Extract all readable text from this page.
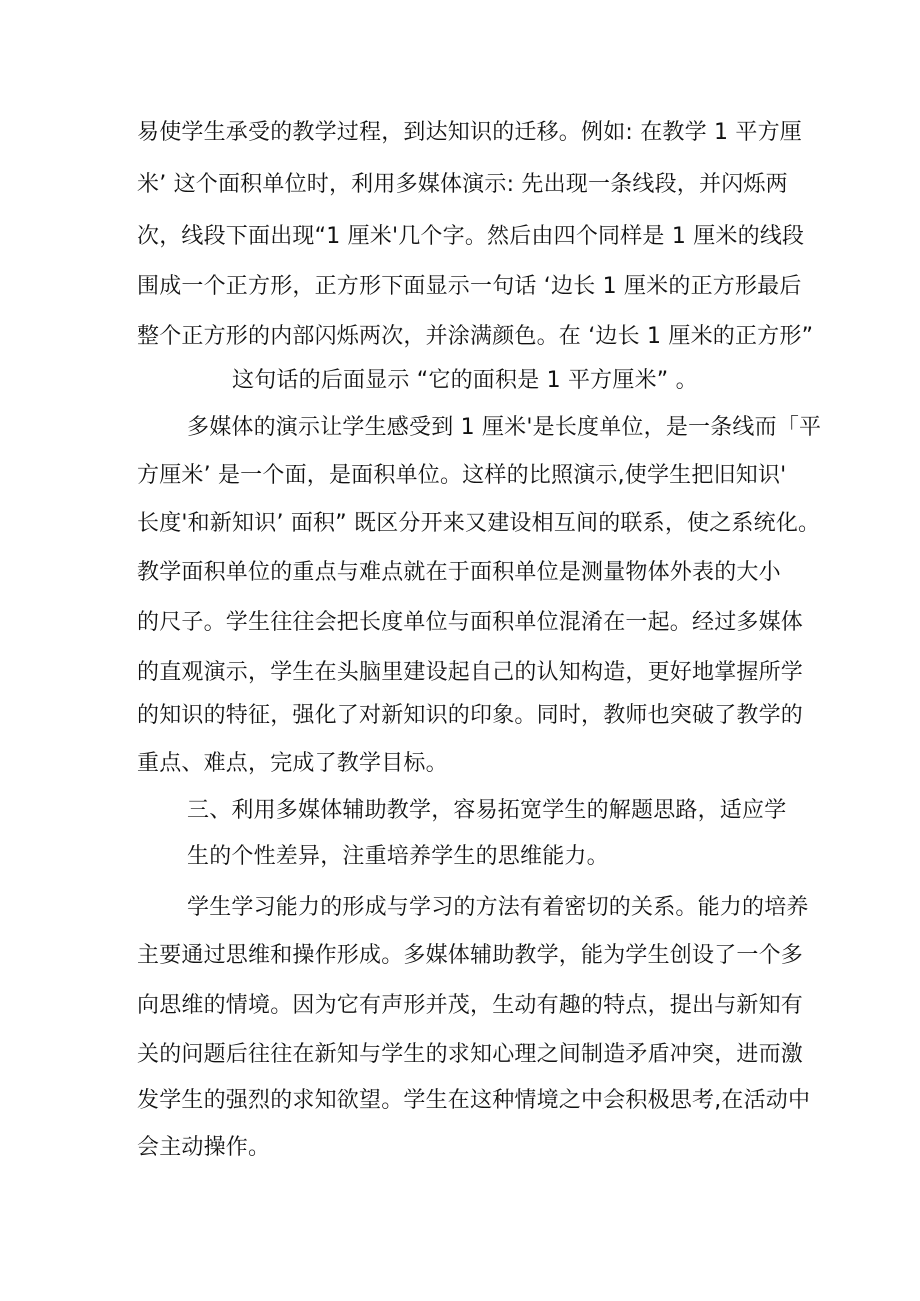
易使学生承受的教学过程，到达知识的迁移。例如: 在教学 1 平方厘
米’ 这个面积单位时，利用多媒体演示: 先出现一条线段，并闪烁两
次，线段下面出现“1 厘米'几个字。然后由四个同样是 1 厘米的线段
围成一个正方形，正方形下面显示一句话 ‘边长 1 厘米的正方形最后
整个正方形的内部闪烁两次，并涂满颜色。在 ‘边长 1 厘米的正方形”
这句话的后面显示 “它的面积是 1 平方厘米” 。
多媒体的演示让学生感受到 1 厘米'是长度单位，是一条线而「平
方厘米’ 是一个面，是面积单位。这样的比照演示,使学生把旧知识'
长度'和新知识’ 面积” 既区分开来又建设相互间的联系，使之系统化。
教学面积单位的重点与难点就在于面积单位是测量物体外表的大小
的尺子。学生往往会把长度单位与面积单位混淆在一起。经过多媒体
的直观演示，学生在头脑里建设起自己的认知构造，更好地掌握所学
的知识的特征，强化了对新知识的印象。同时，教师也突破了教学的
重点、难点，完成了教学目标。
三、利用多媒体辅助教学，容易拓宽学生的解题思路，适应学
生的个性差异，注重培养学生的思维能力。
学生学习能力的形成与学习的方法有着密切的关系。能力的培养
主要通过思维和操作形成。多媒体辅助教学，能为学生创设了一个多
向思维的情境。因为它有声形并茂，生动有趣的特点，提出与新知有
关的问题后往往在新知与学生的求知心理之间制造矛盾冲突，进而激
发学生的强烈的求知欲望。学生在这种情境之中会积极思考,在活动中
会主动操作。
